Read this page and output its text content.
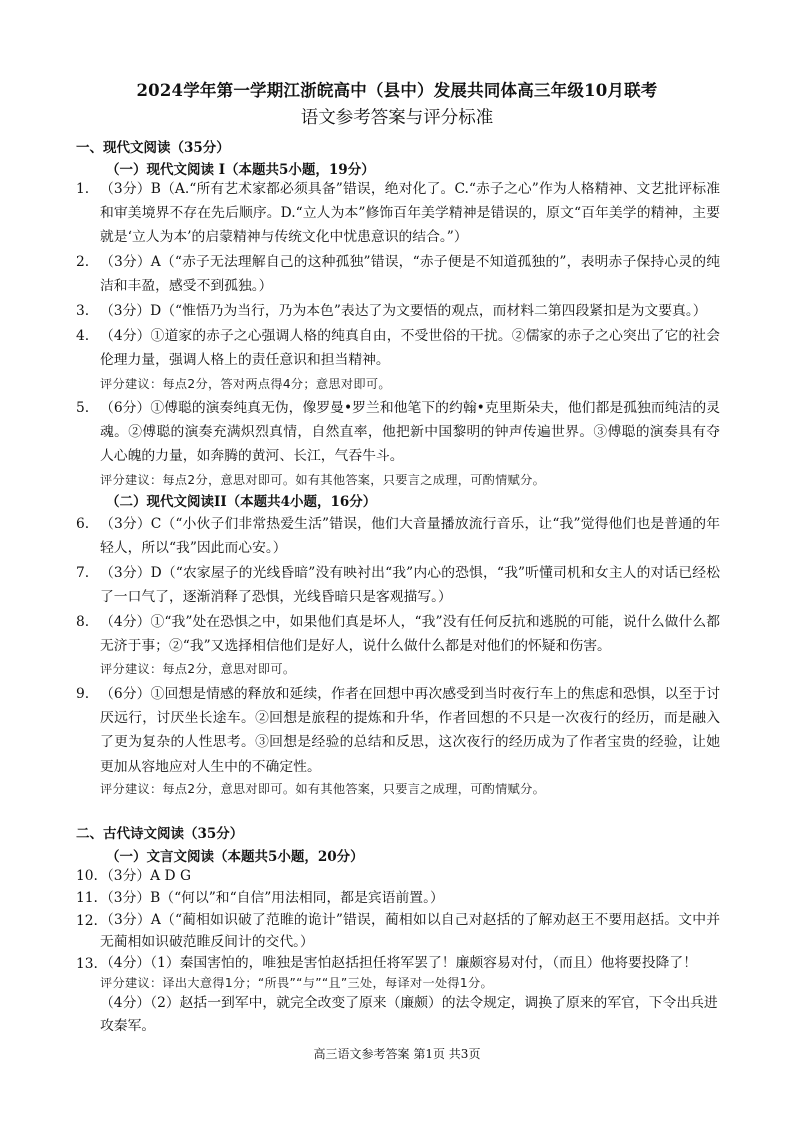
2024学年第一学期江浙皖高中（县中）发展共同体高三年级10月联考
语文参考答案与评分标准
一、现代文阅读（35分）
（一）现代文阅读 I（本题共5小题，19分）
1. （3分）B（A.“所有艺术家都必须具备”错误，绝对化了。C.“赤子之心”作为人格精神、文艺批评标准和审美境界不存在先后顺序。D.“立人为本”修饰百年美学精神是错误的，原文“百年美学的精神，主要就是‘立人为本’的启蒙精神与传统文化中忧患意识的结合。”）
2. （3分）A（“赤子无法理解自己的这种孤独”错误，“赤子便是不知道孤独的”，表明赤子保持心灵的纯洁和丰盈，感受不到孤独。）
3. （3分）D（“惟悟乃为当行，乃为本色”表达了为文要悟的观点，而材料二第四段紧扣是为文要真。）
4. （4分）①道家的赤子之心强调人格的纯真自由，不受世俗的干扰。②儒家的赤子之心突出了它的社会伦理力量，强调人格上的责任意识和担当精神。
评分建议：每点2分，答对两点得4分；意思对即可。
5. （6分）①傅聪的演奏纯真无伪，像罗曼•罗兰和他笔下的约翰•克里斯朵夫，他们都是孤独而纯洁的灵魂。②傅聪的演奏充满炽烈真情，自然直率，他把新中国黎明的钟声传遍世界。③傅聪的演奏具有夺人心魄的力量，如奔腾的黄河、长江，气吞牛斗。
评分建议：每点2分，意思对即可。如有其他答案，只要言之成理，可酌情赋分。
（二）现代文阅读II（本题共4小题，16分）
6. （3分）C（“小伙子们非常热爱生活”错误，他们大音量播放流行音乐，让“我”觉得他们也是普通的年轻人，所以“我”因此而心安。）
7. （3分）D（“农家屋子的光线昏暗”没有映衬出“我”内心的恐惧，“我”听懂司机和女主人的对话已经松了一口气了，逐渐消释了恐惧，光线昏暗只是客观描写。）
8. （4分）①“我”处在恐惧之中，如果他们真是坏人，“我”没有任何反抗和逃脱的可能，说什么做什么都无济于事；②“我”又选择相信他们是好人，说什么做什么都是对他们的怀疑和伤害。
评分建议：每点2分，意思对即可。
9. （6分）①回想是情感的释放和延续，作者在回想中再次感受到当时夜行车上的焦虑和恐惧，以至于讨厌远行，讨厌坐长途车。②回想是旅程的提炼和升华，作者回想的不只是一次夜行的经历，而是融入了更为复杂的人性思考。③回想是经验的总结和反思，这次夜行的经历成为了作者宝贵的经验，让她更加从容地应对人生中的不确定性。
评分建议：每点2分，意思对即可。如有其他答案，只要言之成理，可酌情赋分。
二、古代诗文阅读（35分）
（一）文言文阅读（本题共5小题，20分）
10. （3分）A D G
11. （3分）B（“何以”和“自信”用法相同，都是宾语前置。）
12. （3分）A（“蔺相如识破了范睢的诡计”错误，蔺相如以自己对赵括的了解劝赵王不要用赵括。文中并无蔺相如识破范睢反间计的交代。）
13. （4分）（1）秦国害怕的，唯独是害怕赵括担任将军罢了！廉颇容易对付，（而且）他将要投降了！
评分建议：译出大意得1分；“所畏”“与”“且”三处，每译对一处得1分。
（4分）（2）赵括一到军中，就完全改变了原来（廉颇）的法令规定，调换了原来的军官，下令出兵进攻秦军。
高三语文参考答案 第1页 共3页
